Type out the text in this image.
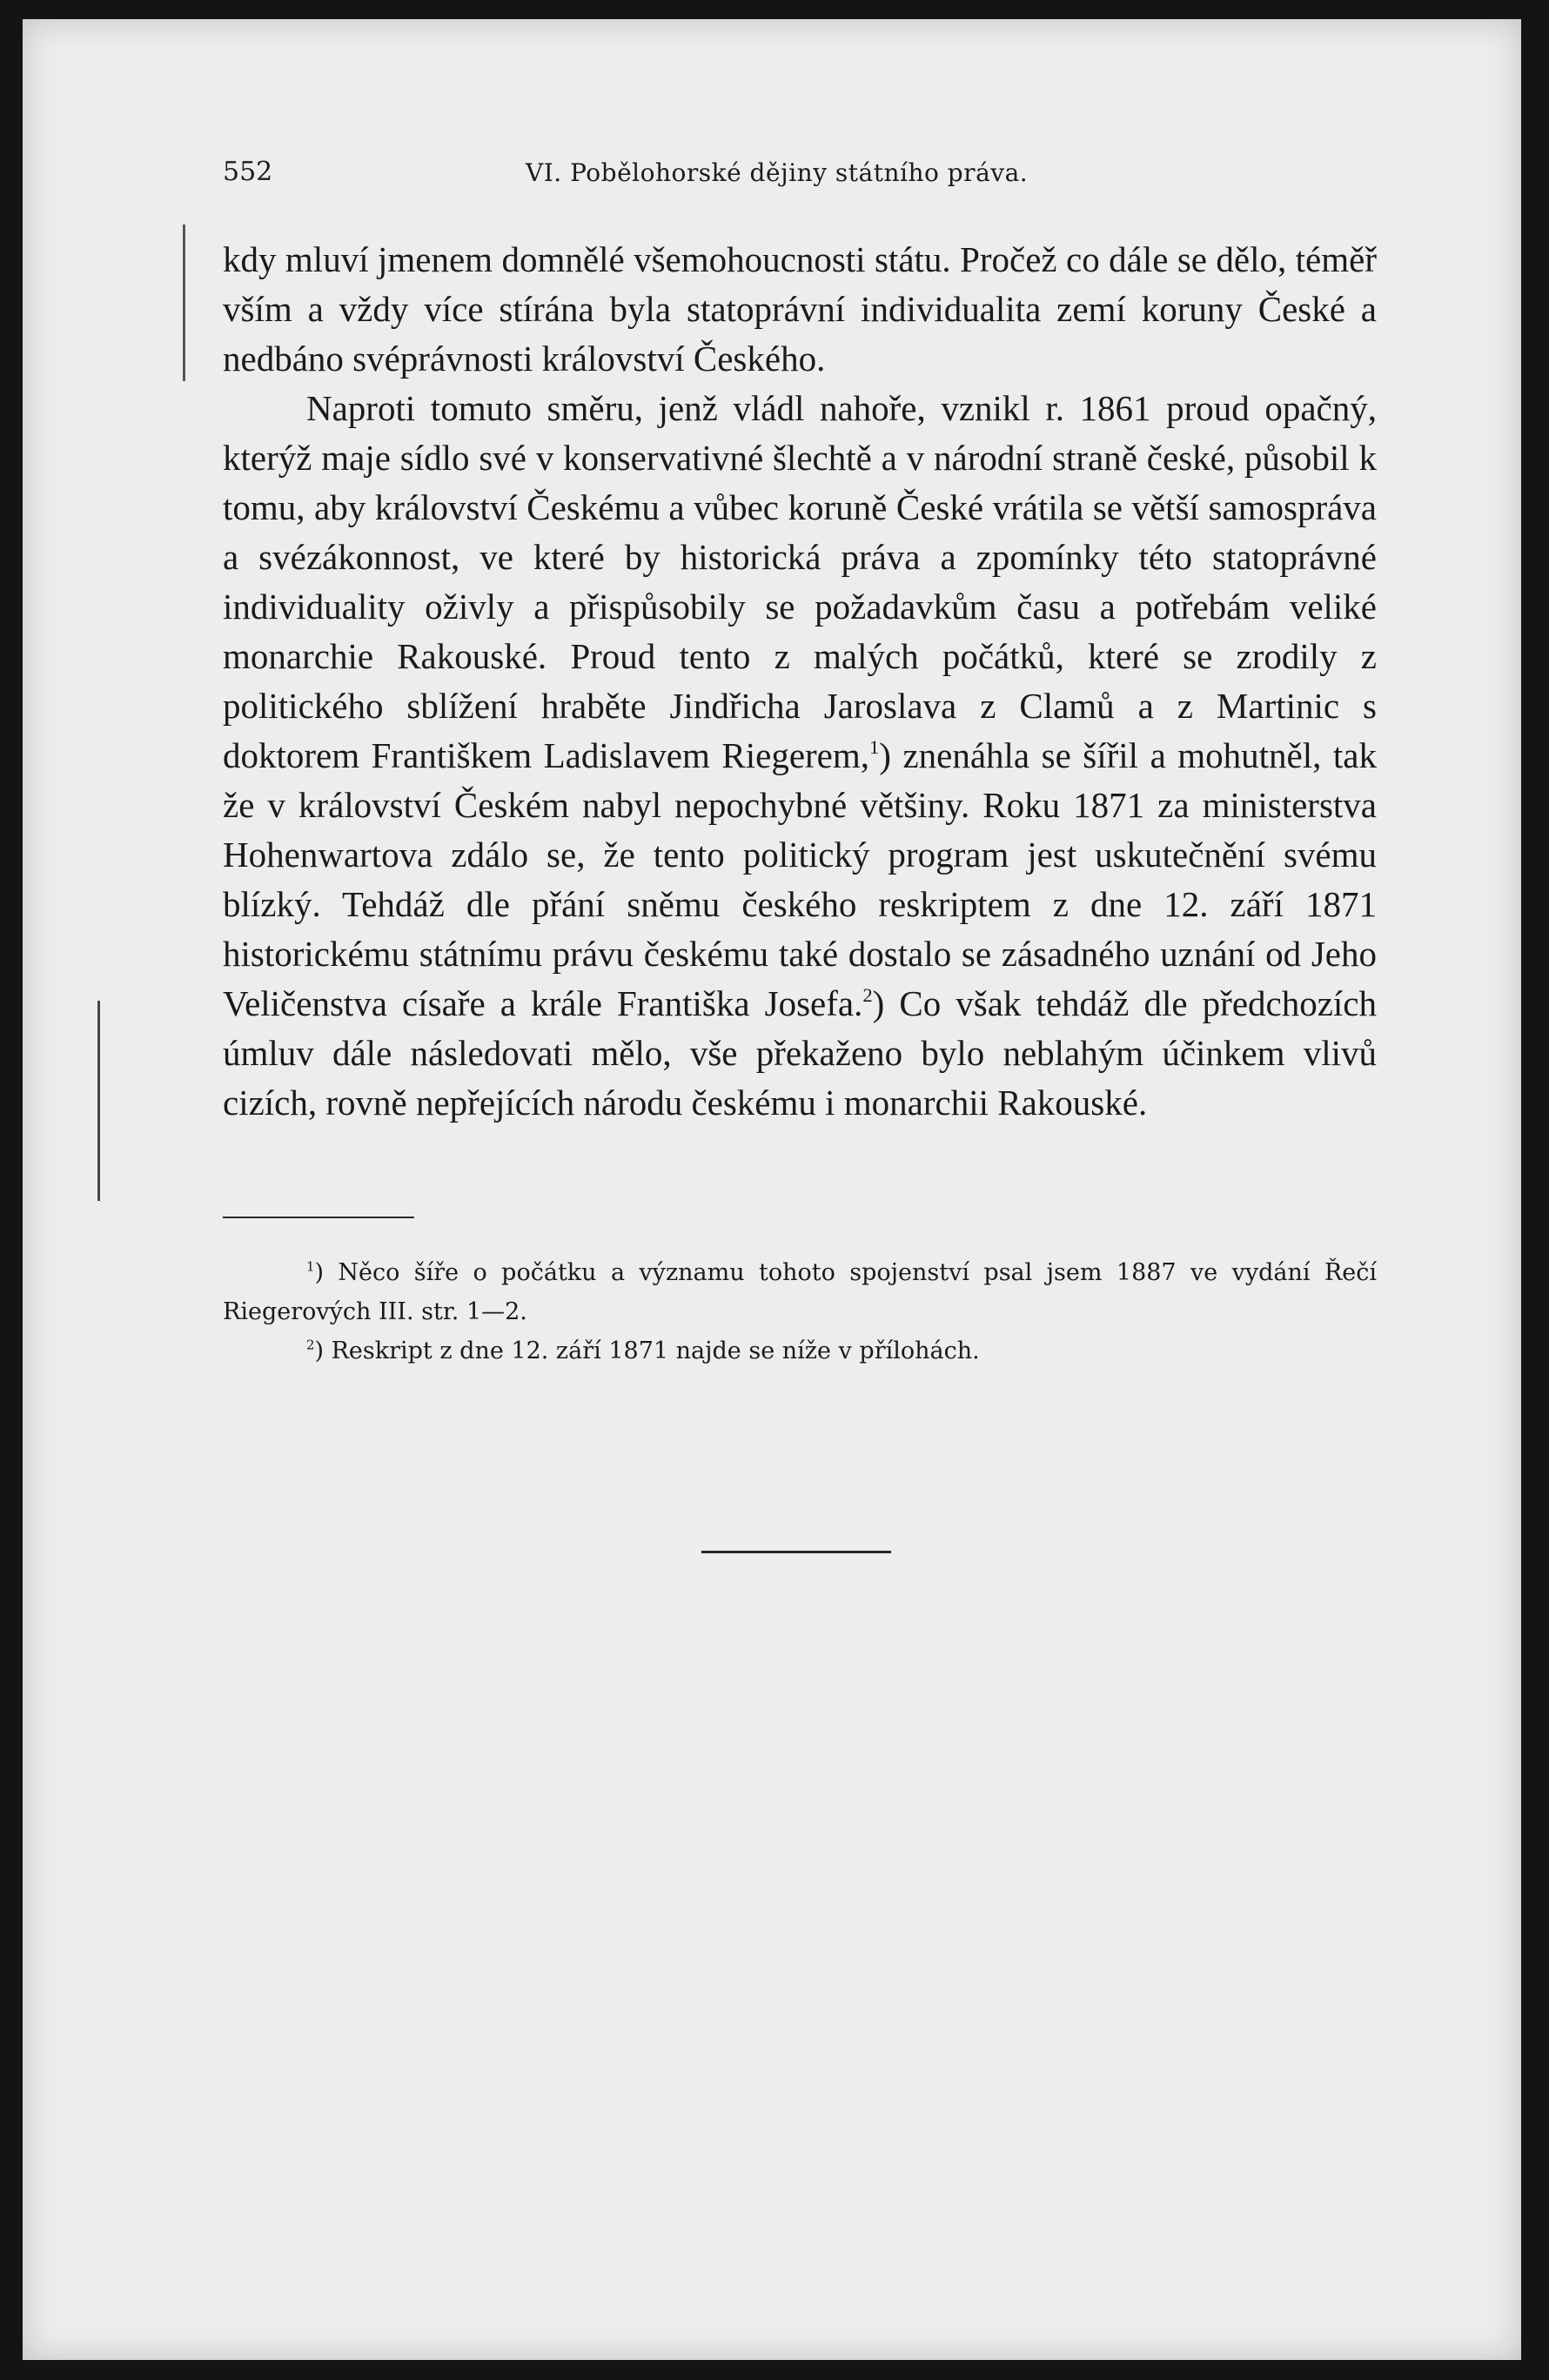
552	VI. Pobělohorské dějiny státního práva.

kdy mluví jmenem domnělé všemohoucnosti státu. Pročež co dále se dělo, téměř vším a vždy více stírána byla statoprávní individualita zemí koruny České a nedbáno svéprávnosti království Českého.

Naproti tomuto směru, jenž vládl nahoře, vznikl r. 1861 proud opačný, kterýž maje sídlo své v konservativné šlechtě a v národní straně české, působil k tomu, aby království Českému a vůbec koruně České vrátila se větší samospráva a svézákonnost, ve které by historická práva a zpomínky této statoprávné individuality oživly a přispůsobily se požadavkům času a potřebám veliké monarchie Rakouské. Proud tento z malých počátků, které se zrodily z politického sblížení hraběte Jindřicha Jaroslava z Clamů a z Martinic s doktorem Františkem Ladislavem Riegerem,$^1$) znenáhla se šířil a mohutněl, tak že v království Českém nabyl nepochybné většiny. Roku 1871 za ministerstva Hohenwartova zdálo se, že tento politický program jest uskutečnění svému blízký. Tehdáž dle přání sněmu českého reskriptem z dne 12. září 1871 historickému státnímu právu českému také dostalo se zásadného uznání od Jeho Veličenstva císaře a krále Františka Josefa.$^2$) Co však tehdáž dle předchozích úmluv dále následovati mělo, vše překaženo bylo neblahým účinkem vlivů cizích, rovně nepřejících národu českému i monarchii Rakouské.

$^1$) Něco šíře o počátku a významu tohoto spojenství psal jsem 1887 ve vydání Řečí Riegerových III. str. 1—2.

$^2$) Reskript z dne 12. září 1871 najde se níže v přílohách.
